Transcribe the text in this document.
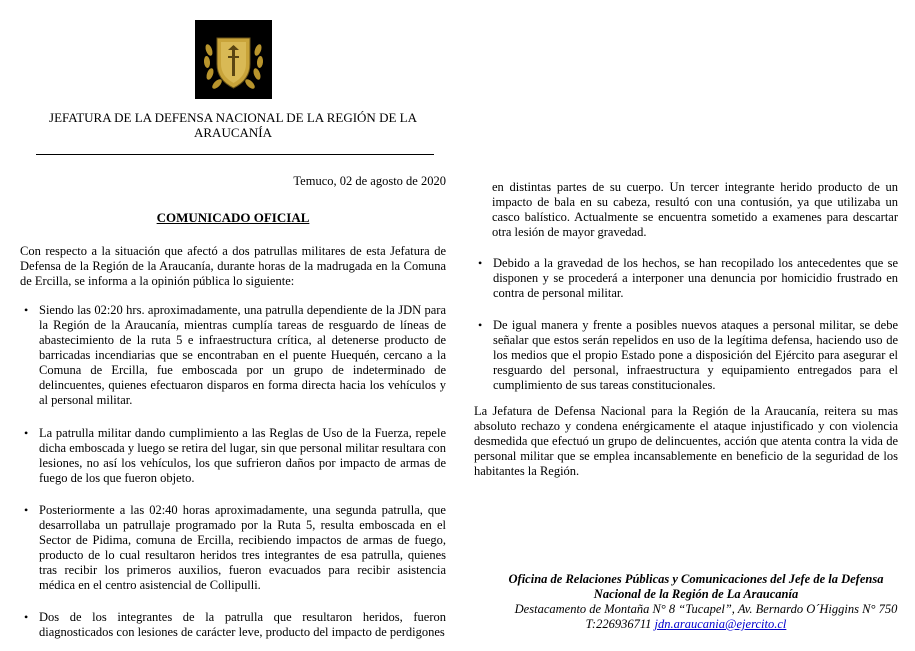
JEFATURA DE LA DEFENSA NACIONAL DE LA REGIÓN DE LA ARAUCANÍA
Temuco, 02 de agosto de 2020
COMUNICADO OFICIAL

Con respecto a la situación que afectó a dos patrullas militares de esta Jefatura de Defensa de la Región de la Araucanía, durante horas de la madrugada en la Comuna de Ercilla, se informa a la opinión pública lo siguiente:

• Siendo las 02:20 hrs. aproximadamente, una patrulla dependiente de la JDN para la Región de la Araucanía, mientras cumplía tareas de resguardo de líneas de abastecimiento de la ruta 5 e infraestructura crítica, al detenerse producto de barricadas incendiarias que se encontraban en el puente Huequén, cercano a la Comuna de Ercilla, fue emboscada por un grupo de indeterminado de delincuentes, quienes efectuaron disparos en forma directa hacia los vehículos y al personal militar.
• La patrulla militar dando cumplimiento a las Reglas de Uso de la Fuerza, repele dicha emboscada y luego se retira del lugar, sin que personal militar resultara con lesiones, no así los vehículos, los que sufrieron daños por impacto de armas de fuego de los que fueron objeto.
• Posteriormente a las 02:40 horas aproximadamente, una segunda patrulla, que desarrollaba un patrullaje programado por la Ruta 5, resulta emboscada en el Sector de Pidima, comuna de Ercilla, recibiendo impactos de armas de fuego, producto de lo cual resultaron heridos tres integrantes de esa patrulla, quienes tras recibir los primeros auxilios, fueron evacuados para recibir asistencia médica en el centro asistencial de Collipulli.
• Dos de los integrantes de la patrulla que resultaron heridos, fueron diagnosticados con lesiones de carácter leve, producto del impacto de perdigones

en distintas partes de su cuerpo. Un tercer integrante herido producto de un impacto de bala en su cabeza, resultó con una contusión, ya que utilizaba un casco balístico. Actualmente se encuentra sometido a examenes para descartar otra lesión de mayor gravedad.

• Debido a la gravedad de los hechos, se han recopilado los antecedentes que se disponen y se procederá a interponer una denuncia por homicidio frustrado en contra de personal militar.
• De igual manera y frente a posibles nuevos ataques a personal militar, se debe señalar que estos serán repelidos en uso de la legítima defensa, haciendo uso de los medios que el propio Estado pone a disposición del Ejército para asegurar el resguardo del personal, infraestructura y equipamiento entregados para el cumplimiento de sus tareas constitucionales.

La Jefatura de Defensa Nacional para la Región de la Araucanía, reitera su mas absoluto rechazo y condena enérgicamente el ataque injustificado y con violencia desmedida que efectuó un grupo de delincuentes, acción que atenta contra la vida de personal militar que se emplea incansablemente en beneficio de la seguridad de los habitantes la Región.

Oficina de Relaciones Públicas y Comunicaciones del Jefe de la Defensa
Nacional de la Región de La Araucanía
Destacamento de Montaña N° 8 “Tucapel”, Av. Bernardo O´Higgins N° 750
T:226936711 jdn.araucania@ejercito.cl
